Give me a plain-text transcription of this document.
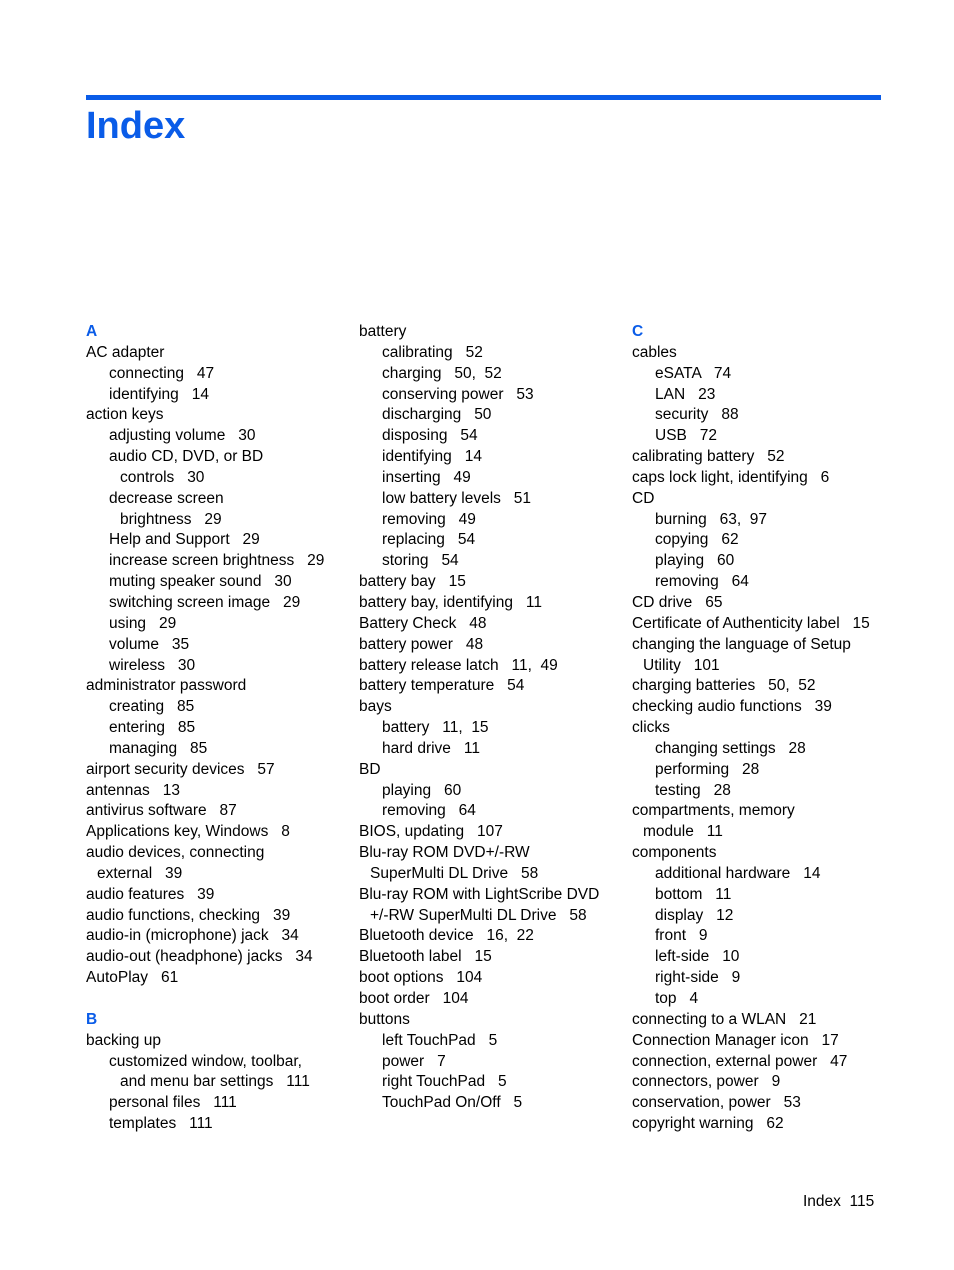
Index
A
AC adapter
connecting   47
identifying   14
action keys
adjusting volume   30
audio CD, DVD, or BD
controls   30
decrease screen
brightness   29
Help and Support   29
increase screen brightness   29
muting speaker sound   30
switching screen image   29
using   29
volume   35
wireless   30
administrator password
creating   85
entering   85
managing   85
airport security devices   57
antennas   13
antivirus software   87
Applications key, Windows   8
audio devices, connecting
external   39
audio features   39
audio functions, checking   39
audio-in (microphone) jack   34
audio-out (headphone) jacks   34
AutoPlay   61
B
backing up
customized window, toolbar,
and menu bar settings   111
personal files   111
templates   111
battery
calibrating   52
charging   50,  52
conserving power   53
discharging   50
disposing   54
identifying   14
inserting   49
low battery levels   51
removing   49
replacing   54
storing   54
battery bay   15
battery bay, identifying   11
Battery Check   48
battery power   48
battery release latch   11,  49
battery temperature   54
bays
battery   11,  15
hard drive   11
BD
playing   60
removing   64
BIOS, updating   107
Blu-ray ROM DVD+/-RW
SuperMulti DL Drive   58
Blu-ray ROM with LightScribe DVD
+/-RW SuperMulti DL Drive   58
Bluetooth device   16,  22
Bluetooth label   15
boot options   104
boot order   104
buttons
left TouchPad   5
power   7
right TouchPad   5
TouchPad On/Off   5
C
cables
eSATA   74
LAN   23
security   88
USB   72
calibrating battery   52
caps lock light, identifying   6
CD
burning   63,  97
copying   62
playing   60
removing   64
CD drive   65
Certificate of Authenticity label   15
changing the language of Setup
Utility   101
charging batteries   50,  52
checking audio functions   39
clicks
changing settings   28
performing   28
testing   28
compartments, memory
module   11
components
additional hardware   14
bottom   11
display   12
front   9
left-side   10
right-side   9
top   4
connecting to a WLAN   21
Connection Manager icon   17
connection, external power   47
connectors, power   9
conservation, power   53
copyright warning   62
Index 115
